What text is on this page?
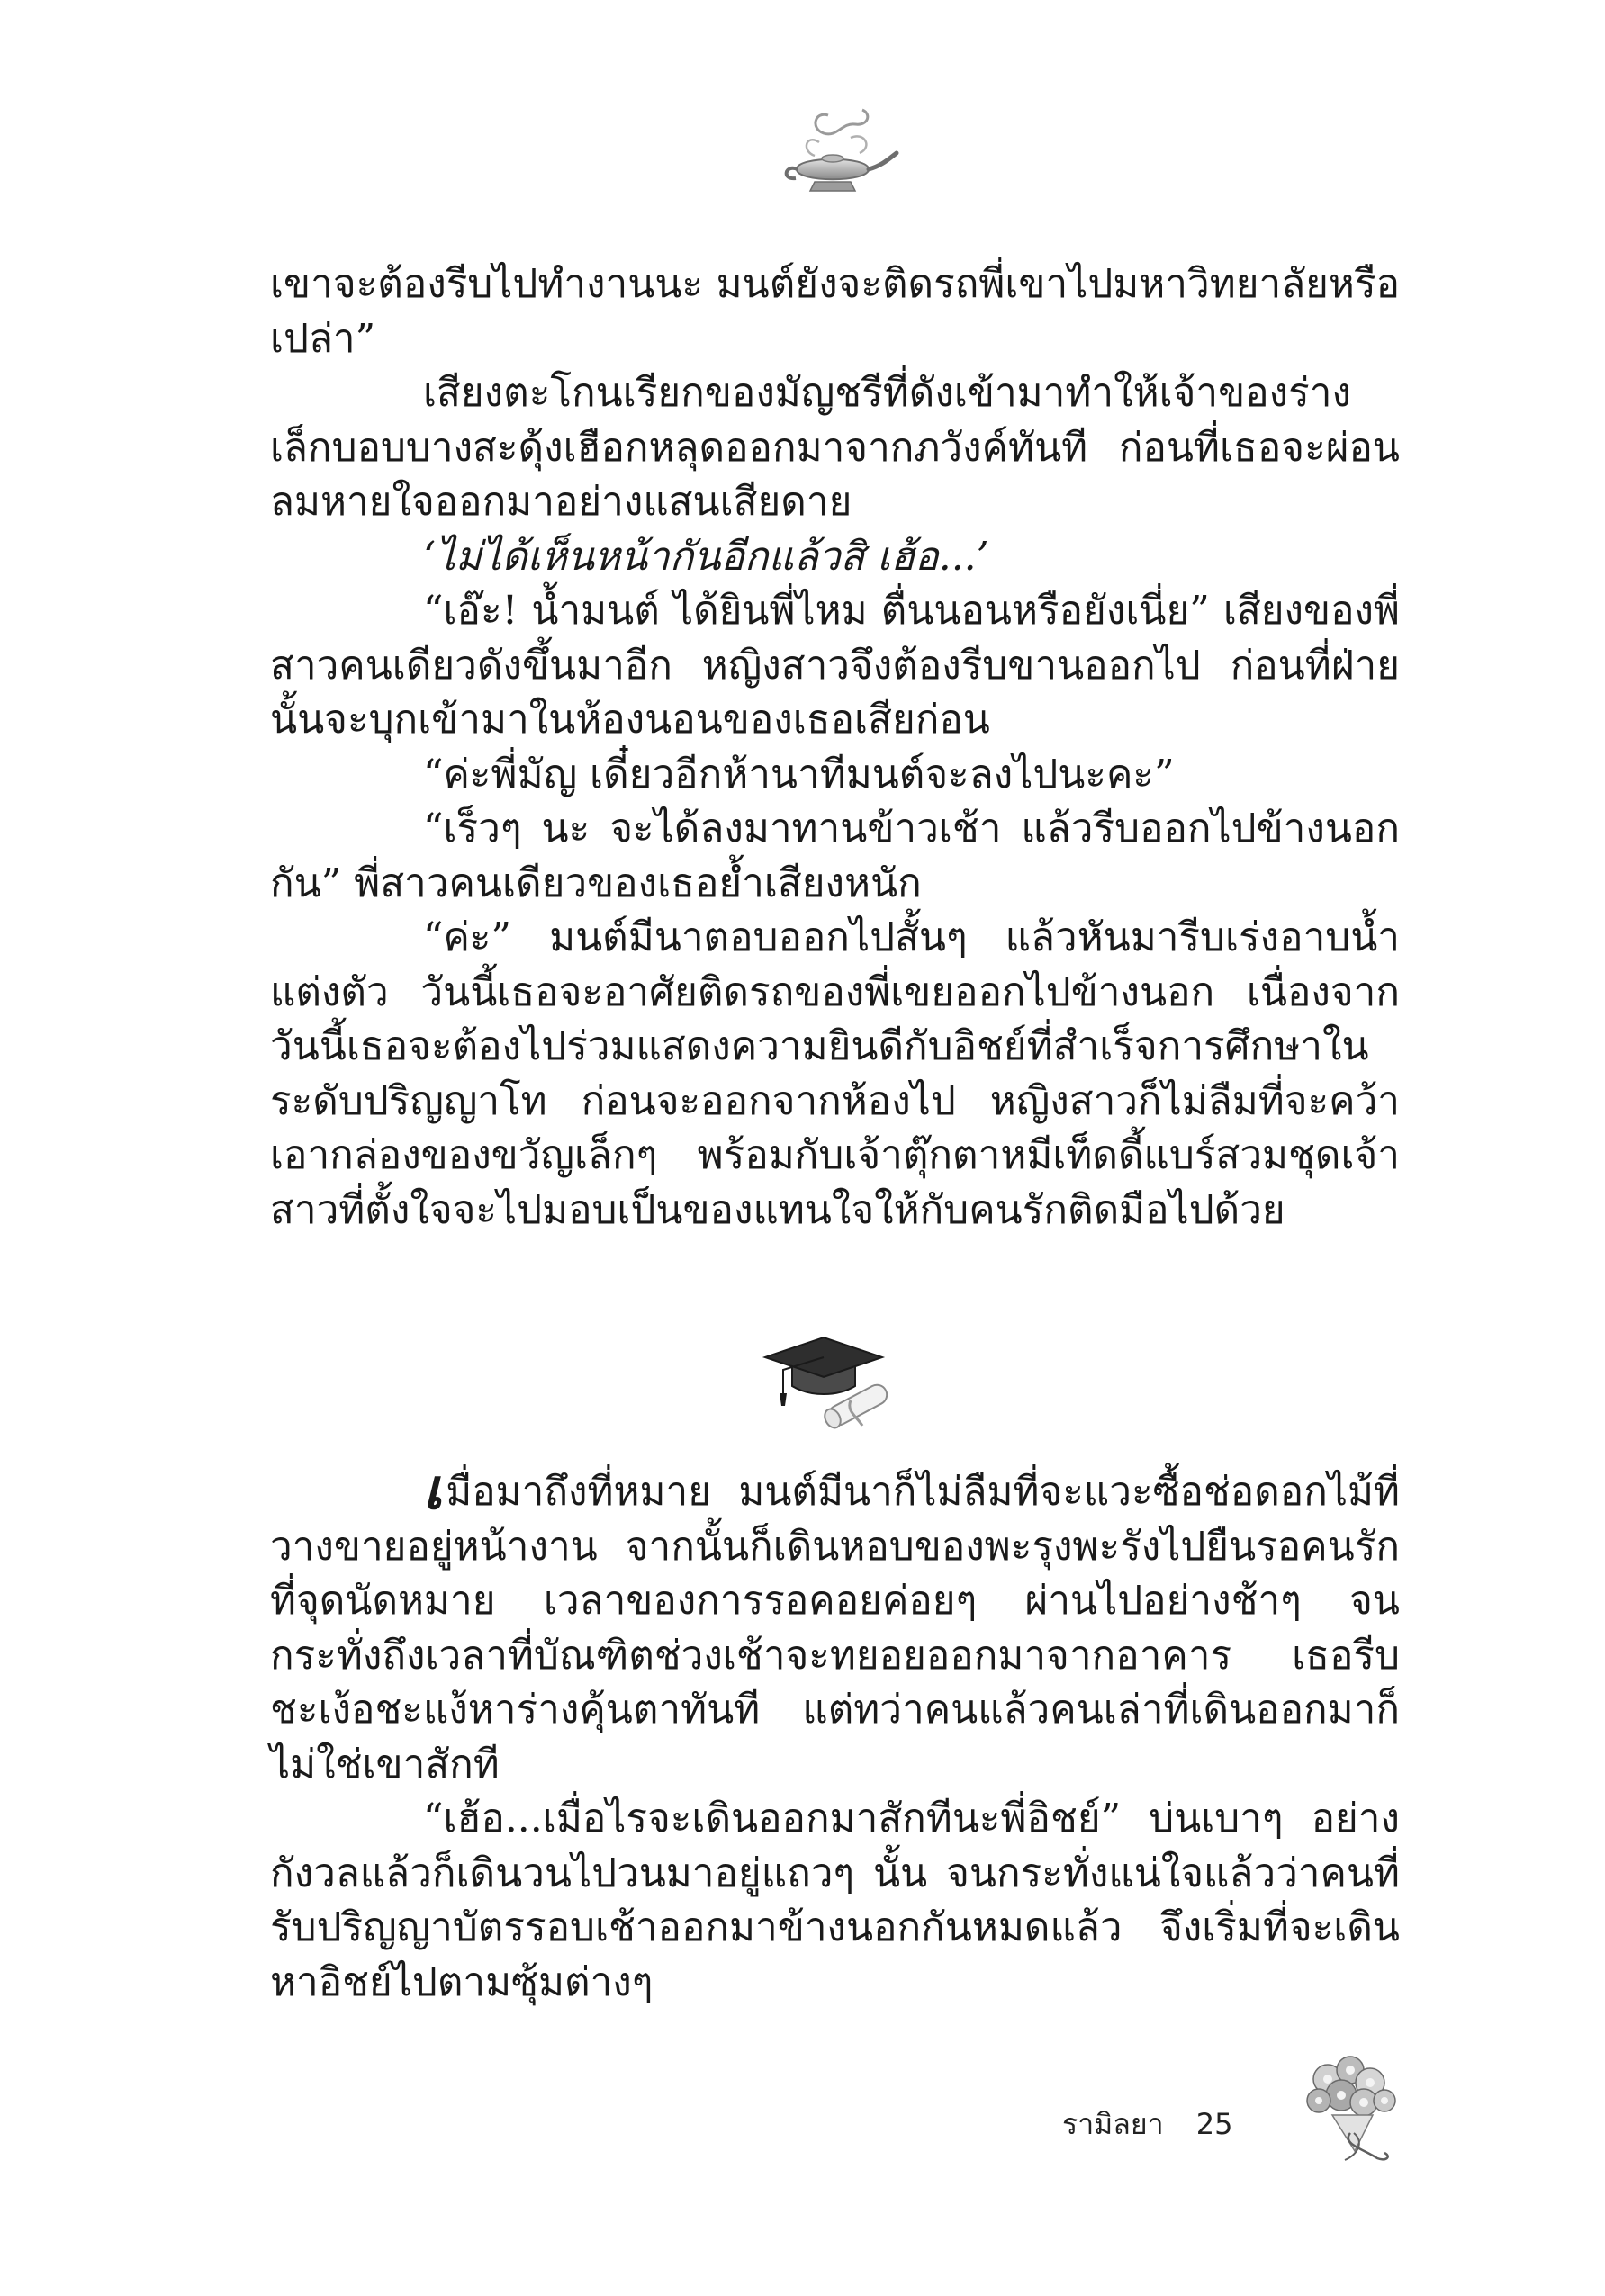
เขาจะต้องรีบไปทำงานนะ มนต์ยังจะติดรถพี่เขาไปมหาวิทยาลัยหรือเปล่า”

เสียงตะโกนเรียกของมัญชรีที่ดังเข้ามาทำให้เจ้าของร่างเล็กบอบบางสะดุ้งเฮือกหลุดออกมาจากภวังค์ทันที ก่อนที่เธอจะผ่อนลมหายใจออกมาอย่างแสนเสียดาย

‘ไม่ได้เห็นหน้ากันอีกแล้วสิ เฮ้อ...’

“เอ๊ะ! น้ำมนต์ ได้ยินพี่ไหม ตื่นนอนหรือยังเนี่ย” เสียงของพี่สาวคนเดียวดังขึ้นมาอีก หญิงสาวจึงต้องรีบขานออกไป ก่อนที่ฝ่ายนั้นจะบุกเข้ามาในห้องนอนของเธอเสียก่อน

“ค่ะพี่มัญ เดี๋ยวอีกห้านาทีมนต์จะลงไปนะคะ”

“เร็วๆ นะ จะได้ลงมาทานข้าวเช้า แล้วรีบออกไปข้างนอกกัน” พี่สาวคนเดียวของเธอย้ำเสียงหนัก

“ค่ะ” มนต์มีนาตอบออกไปสั้นๆ แล้วหันมารีบเร่งอาบน้ำแต่งตัว วันนี้เธอจะอาศัยติดรถของพี่เขยออกไปข้างนอก เนื่องจากวันนี้เธอจะต้องไปร่วมแสดงความยินดีกับอิชย์ที่สำเร็จการศึกษาในระดับปริญญาโท ก่อนจะออกจากห้องไป หญิงสาวก็ไม่ลืมที่จะคว้าเอากล่องของขวัญเล็กๆ พร้อมกับเจ้าตุ๊กตาหมีเท็ดดี้แบร์สวมชุดเจ้าสาวที่ตั้งใจจะไปมอบเป็นของแทนใจให้กับคนรักติดมือไปด้วย

เมื่อมาถึงที่หมาย มนต์มีนาก็ไม่ลืมที่จะแวะซื้อช่อดอกไม้ที่วางขายอยู่หน้างาน จากนั้นก็เดินหอบของพะรุงพะรังไปยืนรอคนรักที่จุดนัดหมาย เวลาของการรอคอยค่อยๆ ผ่านไปอย่างช้าๆ จนกระทั่งถึงเวลาที่บัณฑิตช่วงเช้าจะทยอยออกมาจากอาคาร เธอรีบชะเง้อชะแง้หาร่างคุ้นตาทันที แต่ทว่าคนแล้วคนเล่าที่เดินออกมาก็ไม่ใช่เขาสักที

“เฮ้อ...เมื่อไรจะเดินออกมาสักทีนะพี่อิชย์” บ่นเบาๆ อย่างกังวลแล้วก็เดินวนไปวนมาอยู่แถวๆ นั้น จนกระทั่งแน่ใจแล้วว่าคนที่รับปริญญาบัตรรอบเช้าออกมาข้างนอกกันหมดแล้ว จึงเริ่มที่จะเดินหาอิชย์ไปตามซุ้มต่างๆ

รามิลยา 25
